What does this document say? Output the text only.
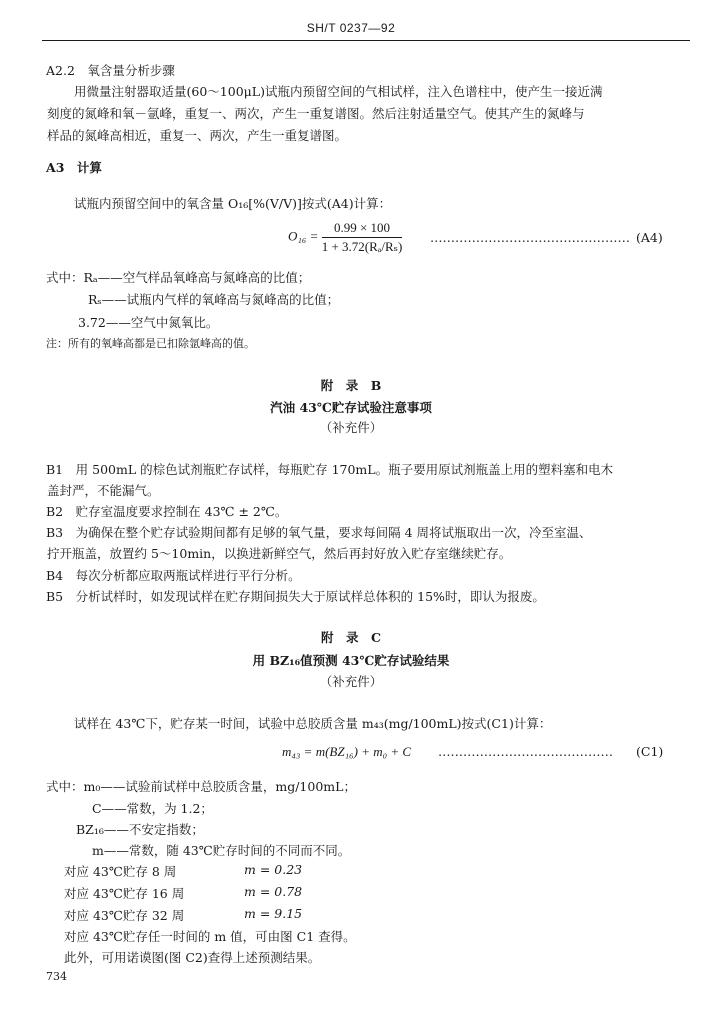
SH/T 0237—92
A2.2　氧含量分析步骤
用微量注射器取适量(60～100μL)试瓶内预留空间的气相试样，注入色谱柱中，使产生一接近满
刻度的氮峰和氧－氩峰，重复一、两次，产生一重复谱图。然后注射适量空气。使其产生的氮峰与
样品的氮峰高相近，重复一、两次，产生一重复谱图。
A3　计算
试瓶内预留空间中的氧含量 O₁₆[%(V/V)]按式(A4)计算：
$O_{16} = \frac{0.99 \times 100}{\text{1 + 3.72(Rₐ/Rₛ)}}$ ………………………………………… (A4)
式中：Rₐ——空气样品氧峰高与氮峰高的比值；
Rₛ——试瓶内气样的氧峰高与氮峰高的比值；
3.72——空气中氮氧比。
注：所有的氧峰高都是已扣除氩峰高的值。
附　录　B
汽油 43℃贮存试验注意事项
（补充件）
B1　用 500mL 的棕色试剂瓶贮存试样，每瓶贮存 170mL。瓶子要用原试剂瓶盖上用的塑料塞和电木
盖封严，不能漏气。
B2　贮存室温度要求控制在 43℃ ± 2℃。
B3　为确保在整个贮存试验期间都有足够的氧气量，要求每间隔 4 周将试瓶取出一次，冷至室温、
拧开瓶盖，放置约 5～10min，以换进新鲜空气，然后再封好放入贮存室继续贮存。
B4　每次分析都应取两瓶试样进行平行分析。
B5　分析试样时，如发现试样在贮存期间损失大于原试样总体积的 15%时，即认为报废。
附　录　C
用 BZ₁₆值预测 43℃贮存试验结果
（补充件）
试样在 43℃下，贮存某一时间，试验中总胶质含量 m₄₃(mg/100mL)按式(C1)计算：
m₄₃ = m(BZ₁₆) + m₀ + C …………………………………… (C1)
式中：m₀——试验前试样中总胶质含量，mg/100mL；
C——常数，为 1.2；
BZ₁₆——不安定指数；
m——常数，随 43℃贮存时间的不同而不同。
对应 43℃贮存 8 周	m = 0.23
对应 43℃贮存 16 周	m = 0.78
对应 43℃贮存 32 周	m = 9.15
对应 43℃贮存任一时间的 m 值，可由图 C1 查得。
此外，可用诺谟图(图 C2)查得上述预测结果。
734
